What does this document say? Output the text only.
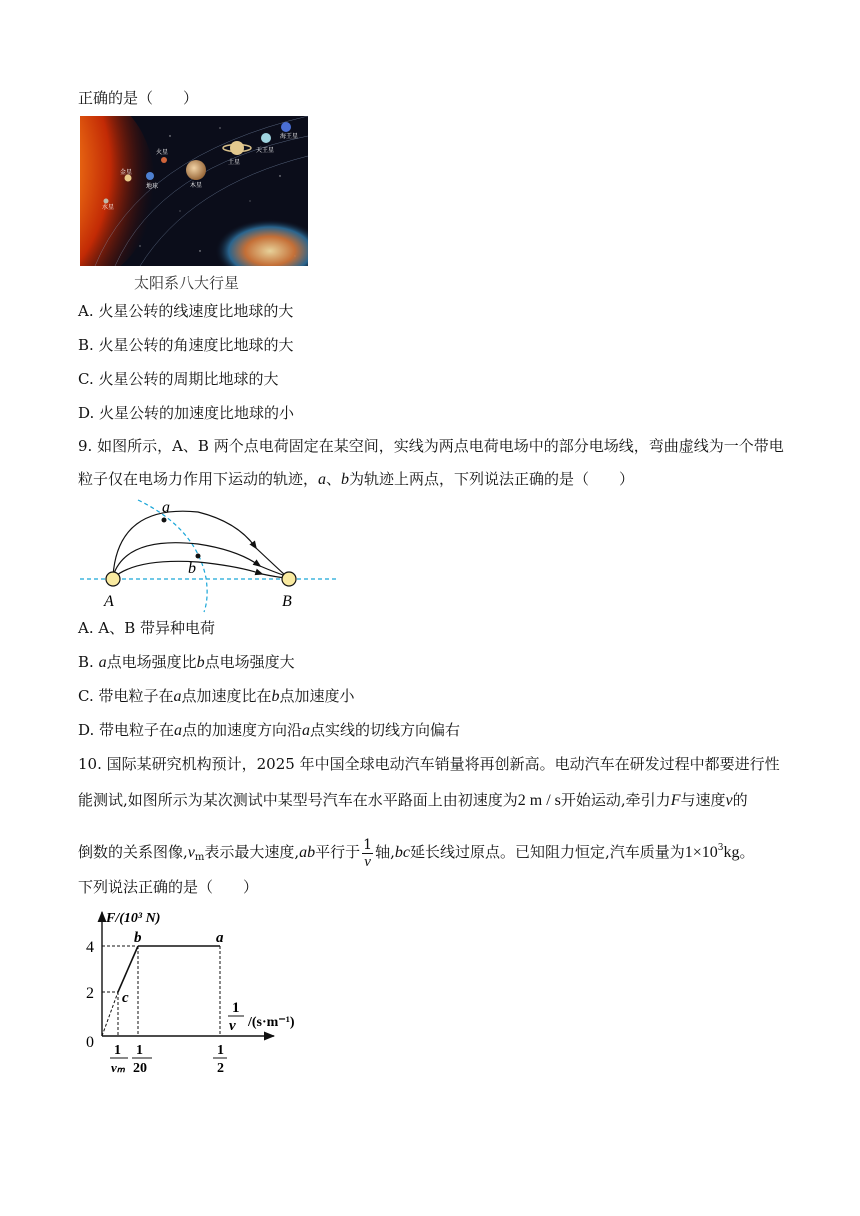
正确的是（　　）
水星
金星
地球
火星
木星
土星
天王星
海王星
太阳系八大行星
A. 火星公转的线速度比地球的大
B. 火星公转的角速度比地球的大
C. 火星公转的周期比地球的大
D. 火星公转的加速度比地球的小
9. 如图所示，A、B 两个点电荷固定在某空间，实线为两点电荷电场中的部分电场线，弯曲虚线为一个带电
粒子仅在电场力作用下运动的轨迹，a、b为轨迹上两点，下列说法正确的是（　　）
a
b
A	B
A. A、B 带异种电荷
B. a点电场强度比b点电场强度大
C. 带电粒子在a点加速度比在b点加速度小
D. 带电粒子在a点的加速度方向沿a点实线的切线方向偏右
10. 国际某研究机构预计，2025 年中国全球电动汽车销量将再创新高。电动汽车在研发过程中都要进行性
能测试,如图所示为某次测试中某型号汽车在水平路面上由初速度为2 m / s开始运动,牵引力F与速度v的
倒数的关系图像$,v_m$表示最大速度,ab平行于 $\frac{1}{v}$ 轴,bc延长线过原点。已知阻力恒定,汽车质量为$1\times 10^3kg$。
下列说法正确的是（　　）
F/(10³ N)
4
2
0
b	a
c
1
v /(s·m⁻¹)
1
vₘ
1
20
1
2
